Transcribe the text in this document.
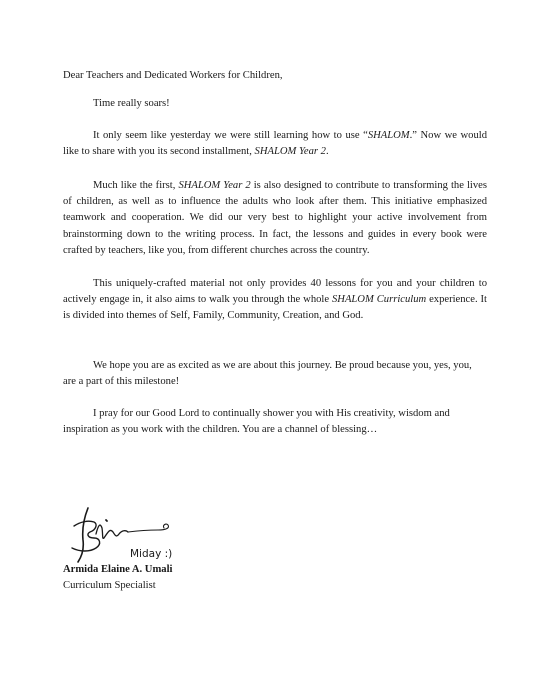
Dear Teachers and Dedicated Workers for Children,

Time really soars!

It only seem like yesterday we were still learning how to use “SHALOM.” Now we would like to share with you its second installment, SHALOM Year 2.

Much like the first, SHALOM Year 2 is also designed to contribute to transforming the lives of children, as well as to influence the adults who look after them. This initiative emphasized teamwork and cooperation. We did our very best to highlight your active involvement from brainstorming down to the writing process. In fact, the lessons and guides in every book were crafted by teachers, like you, from different churches across the country.

This uniquely-crafted material not only provides 40 lessons for you and your children to actively engage in, it also aims to walk you through the whole SHALOM Curriculum experience. It is divided into themes of Self, Family, Community, Creation, and God.

We hope you are as excited as we are about this journey. Be proud because you, yes, you, are a part of this milestone!

I pray for our Good Lord to continually shower you with His creativity, wisdom and inspiration as you work with the children. You are a channel of blessing…

Miday :)
Armida Elaine A. Umali
Curriculum Specialist
